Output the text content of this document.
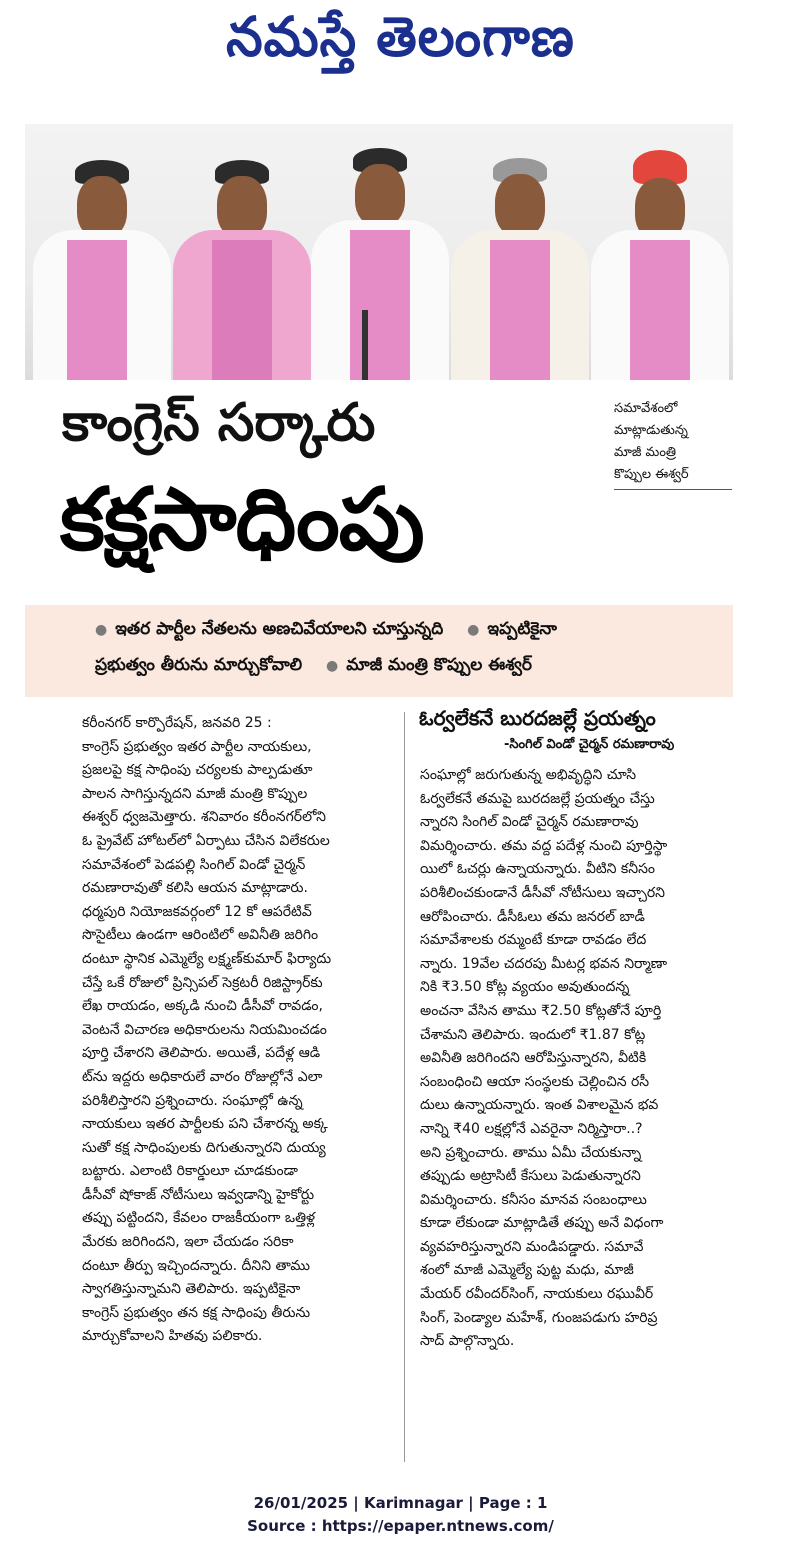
నమస్తే తెలంగాణ
కాంగ్రెస్ సర్కారు
కక్షసాధింపు
సమావేశంలో
మాట్లాడుతున్న
మాజీ మంత్రి
కొప్పుల ఈశ్వర్
● ఇతర పార్టీల నేతలను అణచివేయాలని చూస్తున్నది ● ఇప్పటికైనా
ప్రభుత్వం తీరును మార్చుకోవాలి ● మాజీ మంత్రి కొప్పుల ఈశ్వర్

కరీంనగర్ కార్పొరేషన్, జనవరి 25 :

కాంగ్రెస్ ప్రభుత్వం ఇతర పార్టీల నాయకులు,

ప్రజలపై కక్ష సాధింపు చర్యలకు పాల్పడుతూ

పాలన సాగిస్తున్నదని మాజీ మంత్రి కొప్పుల

ఈశ్వర్ ధ్వజమెత్తారు. శనివారం కరీంనగర్‌లోని

ఓ ప్రైవేట్ హోటల్‌లో ఏర్పాటు చేసిన విలేకరుల

సమావేశంలో పెడపల్లి సింగిల్ విండో చైర్మన్

రమణారావుతో కలిసి ఆయన మాట్లాడారు.

ధర్మపురి నియోజకవర్గంలో 12 కో ఆపరేటివ్

సొసైటీలు ఉండగా ఆరింటిలో అవినీతి జరిగిం

దంటూ స్థానిక ఎమ్మెల్యే లక్ష్మణ్‌కుమార్ ఫిర్యాదు

చేస్తే ఒకే రోజులో ప్రిన్సిపల్ సెక్రటరీ రిజిస్ట్రార్‌కు

లేఖ రాయడం, అక్కడి నుంచి డీసీవో రావడం,

వెంటనే విచారణ అధికారులను నియమించడం

పూర్తి చేశారని తెలిపారు. అయితే, పదేళ్ల ఆడి

ట్‌ను ఇద్దరు అధికారులే వారం రోజుల్లోనే ఎలా

పరిశీలిస్తారని ప్రశ్నించారు. సంఘాల్లో ఉన్న

నాయకులు ఇతర పార్టీలకు పని చేశారన్న అక్క

సుతో కక్ష సాధింపులకు దిగుతున్నారని దుయ్య

బట్టారు. ఎలాంటి రికార్డులూ చూడకుండా

డీసీవో షోకాజ్ నోటీసులు ఇవ్వడాన్ని హైకోర్టు

తప్పు పట్టిందని, కేవలం రాజకీయంగా ఒత్తిళ్ల

మేరకు జరిగిందని, ఇలా చేయడం సరికా

దంటూ తీర్పు ఇచ్చిందన్నారు. దీనిని తాము

స్వాగతిస్తున్నామని తెలిపారు. ఇప్పటికైనా

కాంగ్రెస్ ప్రభుత్వం తన కక్ష సాధింపు తీరును

మార్చుకోవాలని హితవు పలికారు.

ఓర్వలేకనే బురదజల్లే ప్రయత్నం
-సింగిల్ విండో చైర్మన్ రమణారావు

సంఘాల్లో జరుగుతున్న అభివృద్ధిని చూసి

ఓర్వలేకనే తమపై బురదజల్లే ప్రయత్నం చేస్తు

న్నారని సింగిల్ విండో చైర్మన్ రమణారావు

విమర్శించారు. తమ వద్ద పదేళ్ల నుంచి పూర్తిస్థా

యిలో ఓచర్లు ఉన్నాయన్నారు. వీటిని కనీసం

పరిశీలించకుండానే డీసీవో నోటీసులు ఇచ్చారని

ఆరోపించారు. డీసీఓలు తమ జనరల్ బాడీ

సమావేశాలకు రమ్మంటే కూడా రావడం లేద

న్నారు. 19వేల చదరపు మీటర్ల భవన నిర్మాణా

నికి ₹3.50 కోట్ల వ్యయం అవుతుందన్న

అంచనా వేసిన తాము ₹2.50 కోట్లతోనే పూర్తి

చేశామని తెలిపారు. ఇందులో ₹1.87 కోట్ల

అవినీతి జరిగిందని ఆరోపిస్తున్నారని, వీటికి

సంబంధించి ఆయా సంస్థలకు చెల్లించిన రసీ

దులు ఉన్నాయన్నారు. ఇంత విశాలమైన భవ

నాన్ని ₹40 లక్షల్లోనే ఎవరైనా నిర్మిస్తారా..?

అని ప్రశ్నించారు. తాము ఏమీ చేయకున్నా

తప్పుడు అట్రాసిటీ కేసులు పెడుతున్నారని

విమర్శించారు. కనీసం మానవ సంబంధాలు

కూడా లేకుండా మాట్లాడితే తప్పు అనే విధంగా

వ్యవహరిస్తున్నారని మండిపడ్డారు. సమావే

శంలో మాజీ ఎమ్మెల్యే పుట్ట మధు, మాజీ

మేయర్ రవీందర్‌సింగ్, నాయకులు రఘువీర్

సింగ్, పెండ్యాల మహేశ్, గుంజపడుగు హరిప్ర

సాద్ పాల్గొన్నారు.

26/01/2025 | Karimnagar | Page : 1
Source : https://epaper.ntnews.com/
